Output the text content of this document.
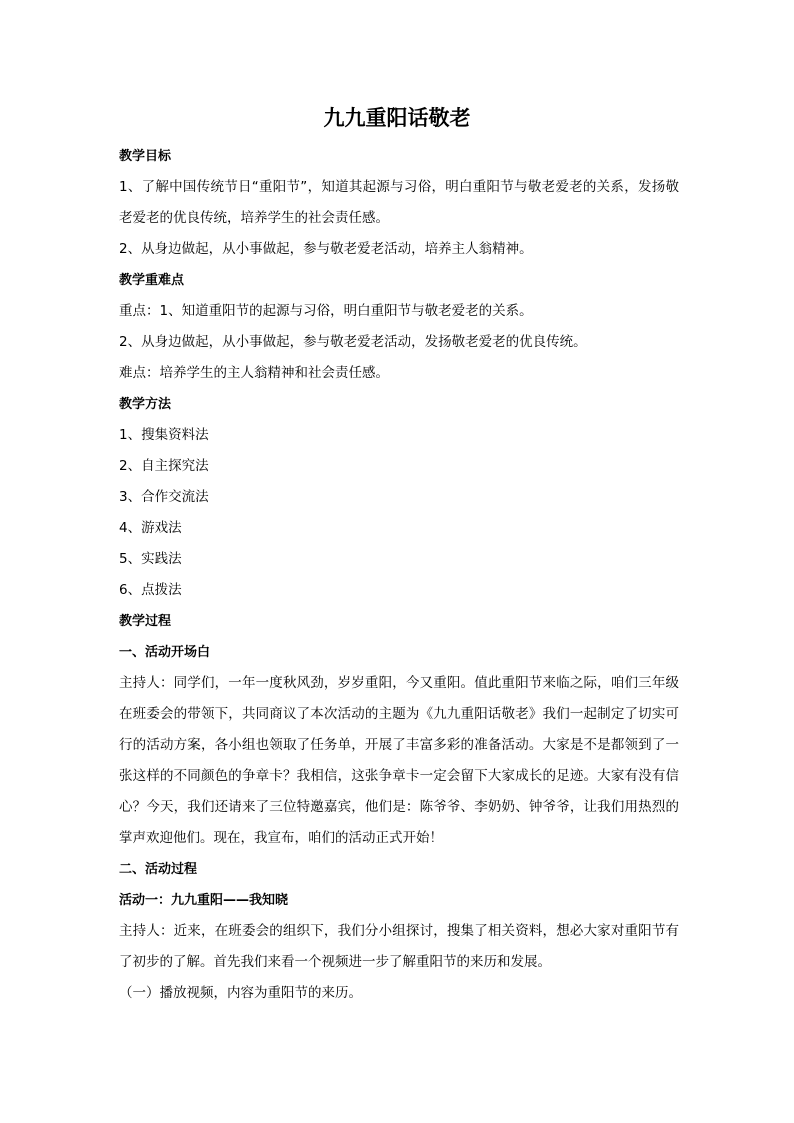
九九重阳话敬老
教学目标

1、了解中国传统节日“重阳节”，知道其起源与习俗，明白重阳节与敬老爱老的关系，发扬敬老爱老的优良传统，培养学生的社会责任感。

2、从身边做起，从小事做起，参与敬老爱老活动，培养主人翁精神。
教学重难点
重点：1、知道重阳节的起源与习俗，明白重阳节与敬老爱老的关系。
2、从身边做起，从小事做起，参与敬老爱老活动，发扬敬老爱老的优良传统。
难点：培养学生的主人翁精神和社会责任感。
教学方法
1、搜集资料法
2、自主探究法
3、合作交流法
4、游戏法
5、实践法
6、点拨法
教学过程
一、活动开场白

主持人：同学们，一年一度秋风劲，岁岁重阳，今又重阳。值此重阳节来临之际，咱们三年级在班委会的带领下，共同商议了本次活动的主题为《九九重阳话敬老》我们一起制定了切实可行的活动方案，各小组也领取了任务单，开展了丰富多彩的准备活动。大家是不是都领到了一张这样的不同颜色的争章卡？我相信，这张争章卡一定会留下大家成长的足迹。大家有没有信心？今天，我们还请来了三位特邀嘉宾，他们是：陈爷爷、李奶奶、钟爷爷，让我们用热烈的掌声欢迎他们。现在，我宣布，咱们的活动正式开始！

二、活动过程
活动一：九九重阳——我知晓

主持人：近来，在班委会的组织下，我们分小组探讨，搜集了相关资料，想必大家对重阳节有了初步的了解。首先我们来看一个视频进一步了解重阳节的来历和发展。

（一）播放视频，内容为重阳节的来历。
